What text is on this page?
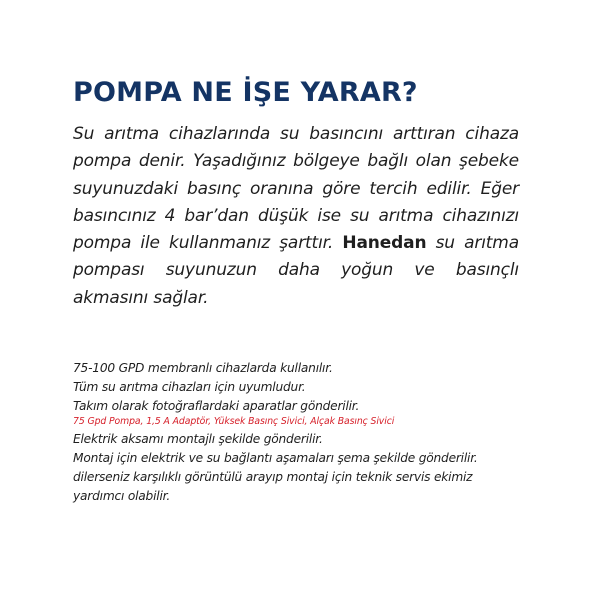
POMPA NE İŞE YARAR?

Su arıtma cihazlarında su basıncını arttıran cihaza pompa denir. Yaşadığınız bölgeye bağlı olan şebeke suyunuzdaki basınç oranına göre tercih edilir. Eğer basıncınız 4 bar’dan düşük ise su arıtma cihazınızı pompa ile kullanmanız şarttır. Hanedan su arıtma pompası suyunuzun daha yoğun ve basınçlı akmasını sağlar.

75-100 GPD membranlı cihazlarda kullanılır.
Tüm su arıtma cihazları için uyumludur.
Takım olarak fotoğraflardaki aparatlar gönderilir.
75 Gpd Pompa, 1,5 A Adaptör, Yüksek Basınç Sivici, Alçak Basınç Sivici
Elektrik aksamı montajlı şekilde gönderilir.
Montaj için elektrik ve su bağlantı aşamaları şema şekilde gönderilir.
dilerseniz karşılıklı görüntülü arayıp montaj için teknik servis ekimiz
yardımcı olabilir.
